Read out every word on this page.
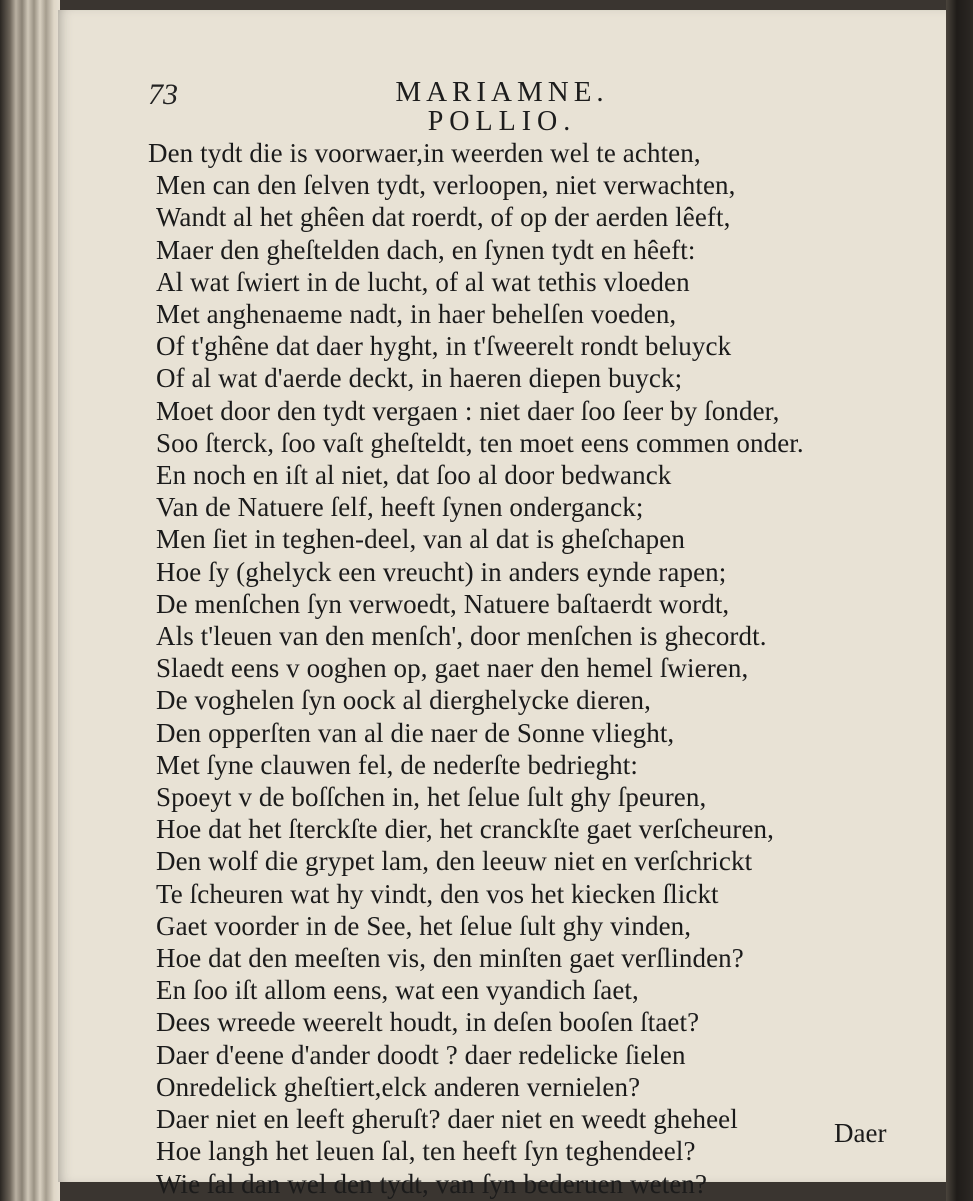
73	MARIAMNE.
POLLIO.
Den tydt die is voorwaer,in weerden wel te achten,
Men can den ſelven tydt, verloopen, niet verwachten,
Wandt al het ghêen dat roerdt, of op der aerden lêeft,
Maer den gheſtelden dach, en ſynen tydt en hêeft:
Al wat ſwiert in de lucht, of al wat tethis vloeden
Met anghenaeme nadt, in haer behelſen voeden,
Of t'ghêne dat daer hyght, in t'ſweerelt rondt beluyck
Of al wat d'aerde deckt, in haeren diepen buyck;
Moet door den tydt vergaen : niet daer ſoo ſeer by ſonder,
Soo ſterck, ſoo vaſt gheſteldt, ten moet eens commen onder.
En noch en iſt al niet, dat ſoo al door bedwanck
Van de Natuere ſelf, heeft ſynen onderganck;
Men ſiet in teghen-deel, van al dat is gheſchapen
Hoe ſy (ghelyck een vreucht) in anders eynde rapen;
De menſchen ſyn verwoedt, Natuere baſtaerdt wordt,
Als t'leuen van den menſch', door menſchen is ghecordt.
Slaedt eens v ooghen op, gaet naer den hemel ſwieren,
De voghelen ſyn oock al dierghelycke dieren,
Den opperſten van al die naer de Sonne vlieght,
Met ſyne clauwen fel, de nederſte bedrieght:
Spoeyt v de boſſchen in, het ſelue ſult ghy ſpeuren,
Hoe dat het ſterckſte dier, het cranckſte gaet verſcheuren,
Den wolf die grypet lam, den leeuw niet en verſchrickt
Te ſcheuren wat hy vindt, den vos het kiecken ſlickt
Gaet voorder in de See, het ſelue ſult ghy vinden,
Hoe dat den meeſten vis, den minſten gaet verſlinden?
En ſoo iſt allom eens, wat een vyandich ſaet,
Dees wreede weerelt houdt, in deſen booſen ſtaet?
Daer d'eene d'ander doodt ? daer redelicke ſielen
Onredelick gheſtiert,elck anderen vernielen?
Daer niet en leeft gheruſt? daer niet en weedt gheheel
Hoe langh het leuen ſal, ten heeft ſyn teghendeel?
Wie ſal dan wel den tydt, van ſyn bederuen weten?
Daer
